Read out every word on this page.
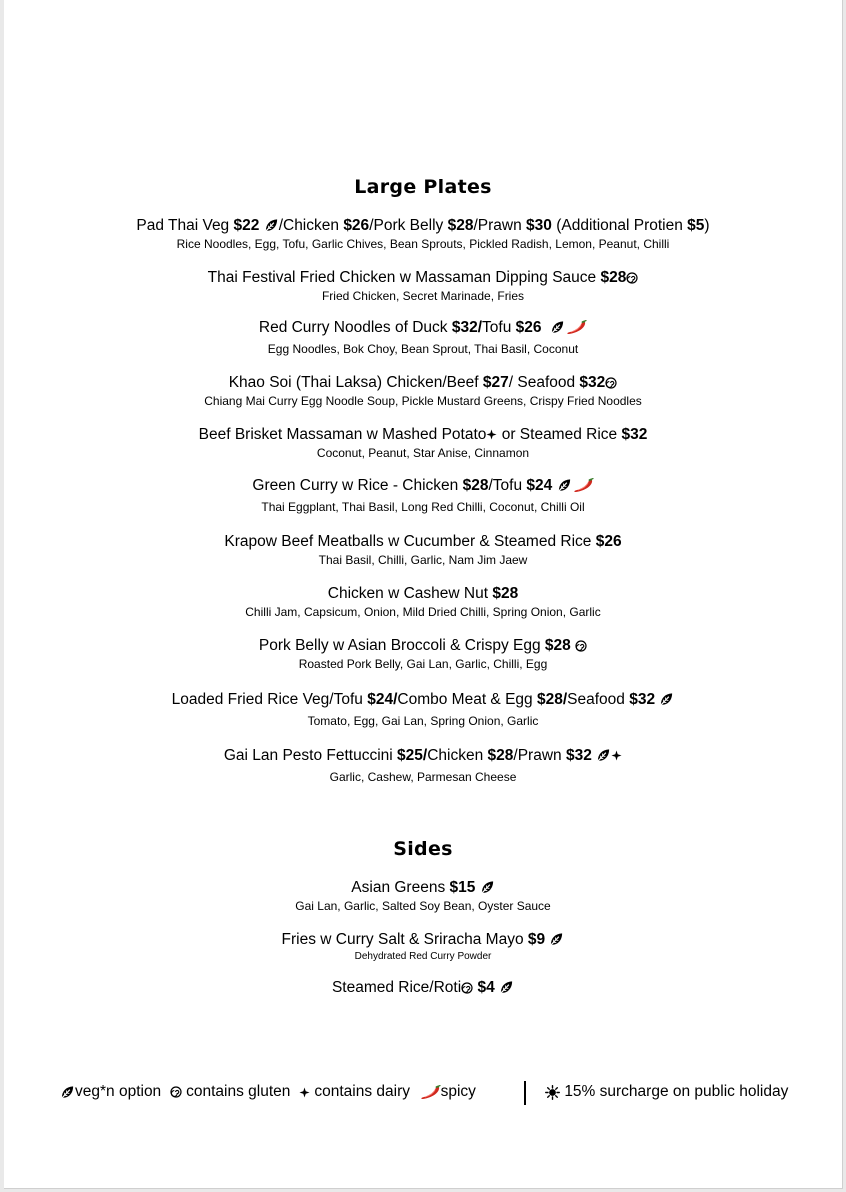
Large Plates
Pad Thai Veg $22 /Chicken $26/Pork Belly $28/Prawn $30 (Additional Protien $5)
Rice Noodles, Egg, Tofu, Garlic Chives, Bean Sprouts, Pickled Radish, Lemon, Peanut, Chilli
Thai Festival Fried Chicken w Massaman Dipping Sauce $28
Fried Chicken, Secret Marinade, Fries
Red Curry Noodles of Duck $32/Tofu $26
Egg Noodles, Bok Choy, Bean Sprout, Thai Basil, Coconut
Khao Soi (Thai Laksa) Chicken/Beef $27/ Seafood $32
Chiang Mai Curry Egg Noodle Soup, Pickle Mustard Greens, Crispy Fried Noodles
Beef Brisket Massaman w Mashed Potato
or Steamed Rice $32
Coconut, Peanut, Star Anise, Cinnamon
Green Curry w Rice - Chicken $28/Tofu $24
Thai Eggplant, Thai Basil, Long Red Chilli, Coconut, Chilli Oil
Krapow Beef Meatballs w Cucumber & Steamed Rice $26
Thai Basil, Chilli, Garlic, Nam Jim Jaew
Chicken w Cashew Nut $28
Chilli Jam, Capsicum, Onion, Mild Dried Chilli, Spring Onion, Garlic
Pork Belly w Asian Broccoli & Crispy Egg $28
Roasted Pork Belly, Gai Lan, Garlic, Chilli, Egg
Loaded Fried Rice Veg/Tofu $24/Combo Meat & Egg $28/Seafood $32
Tomato, Egg, Gai Lan, Spring Onion, Garlic
Gai Lan Pesto Fettuccini $25/Chicken $28/Prawn $32
Garlic, Cashew, Parmesan Cheese
Sides
Asian Greens $15
Gai Lan, Garlic, Salted Soy Bean, Oyster Sauce
Fries w Curry Salt & Sriracha Mayo $9
Dehydrated Red Curry Powder
Steamed Rice/Roti $4
veg*n option contains gluten contains dairy spicy	15% surcharge on public holiday
